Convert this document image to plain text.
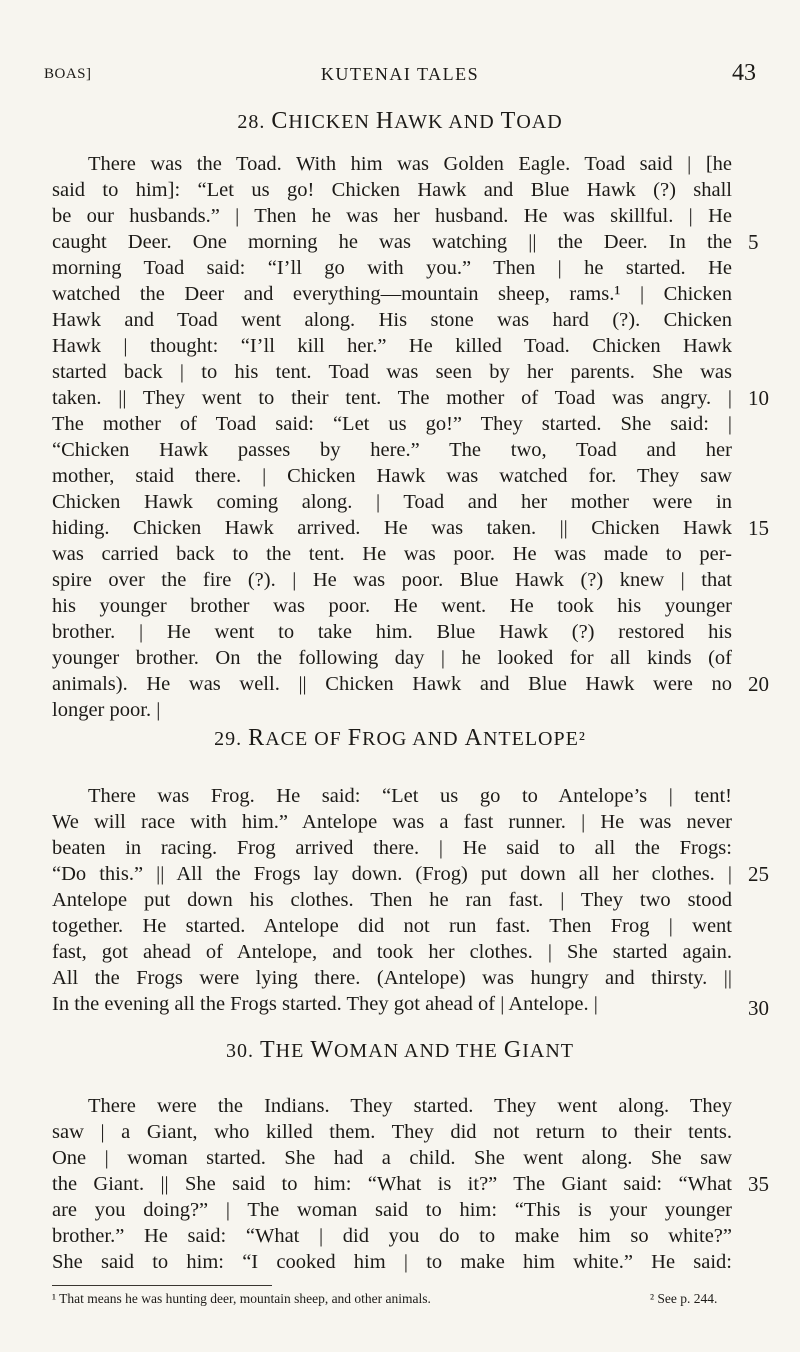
BOAS]	KUTENAI TALES	43
28. CHICKEN HAWK AND TOAD
There was the Toad. With him was Golden Eagle. Toad said | [he
said to him]: “Let us go! Chicken Hawk and Blue Hawk (?) shall
be our husbands.” | Then he was her husband. He was skillful. | He
caught Deer. One morning he was watching || the Deer. In the 5
morning Toad said: “I’ll go with you.” Then | he started. He
watched the Deer and everything—mountain sheep, rams.¹ | Chicken
Hawk and Toad went along. His stone was hard (?). Chicken
Hawk | thought: “I’ll kill her.” He killed Toad. Chicken Hawk
started back | to his tent. Toad was seen by her parents. She was
taken. || They went to their tent. The mother of Toad was angry. | 10
The mother of Toad said: “Let us go!” They started. She said: |
“Chicken Hawk passes by here.” The two, Toad and her
mother, staid there. | Chicken Hawk was watched for. They saw
Chicken Hawk coming along. | Toad and her mother were in
hiding. Chicken Hawk arrived. He was taken. || Chicken Hawk 15
was carried back to the tent. He was poor. He was made to per-
spire over the fire (?). | He was poor. Blue Hawk (?) knew | that
his younger brother was poor. He went. He took his younger
brother. | He went to take him. Blue Hawk (?) restored his
younger brother. On the following day | he looked for all kinds (of
animals). He was well. || Chicken Hawk and Blue Hawk were no 20
longer poor. |
29. RACE OF FROG AND ANTELOPE²
There was Frog. He said: “Let us go to Antelope’s | tent!
We will race with him.” Antelope was a fast runner. | He was never
beaten in racing. Frog arrived there. | He said to all the Frogs:
“Do this.” || All the Frogs lay down. (Frog) put down all her clothes. | 25
Antelope put down his clothes. Then he ran fast. | They two stood
together. He started. Antelope did not run fast. Then Frog | went
fast, got ahead of Antelope, and took her clothes. | She started again.
All the Frogs were lying there. (Antelope) was hungry and thirsty. ||
In the evening all the Frogs started. They got ahead of | Antelope. |	30
30. THE WOMAN AND THE GIANT
There were the Indians. They started. They went along. They
saw | a Giant, who killed them. They did not return to their tents.
One | woman started. She had a child. She went along. She saw
the Giant. || She said to him: “What is it?” The Giant said: “What 35
are you doing?” | The woman said to him: “This is your younger
brother.” He said: “What | did you do to make him so white?”
She said to him: “I cooked him | to make him white.” He said:
¹ That means he was hunting deer, mountain sheep, and other animals.	² See p. 244.
